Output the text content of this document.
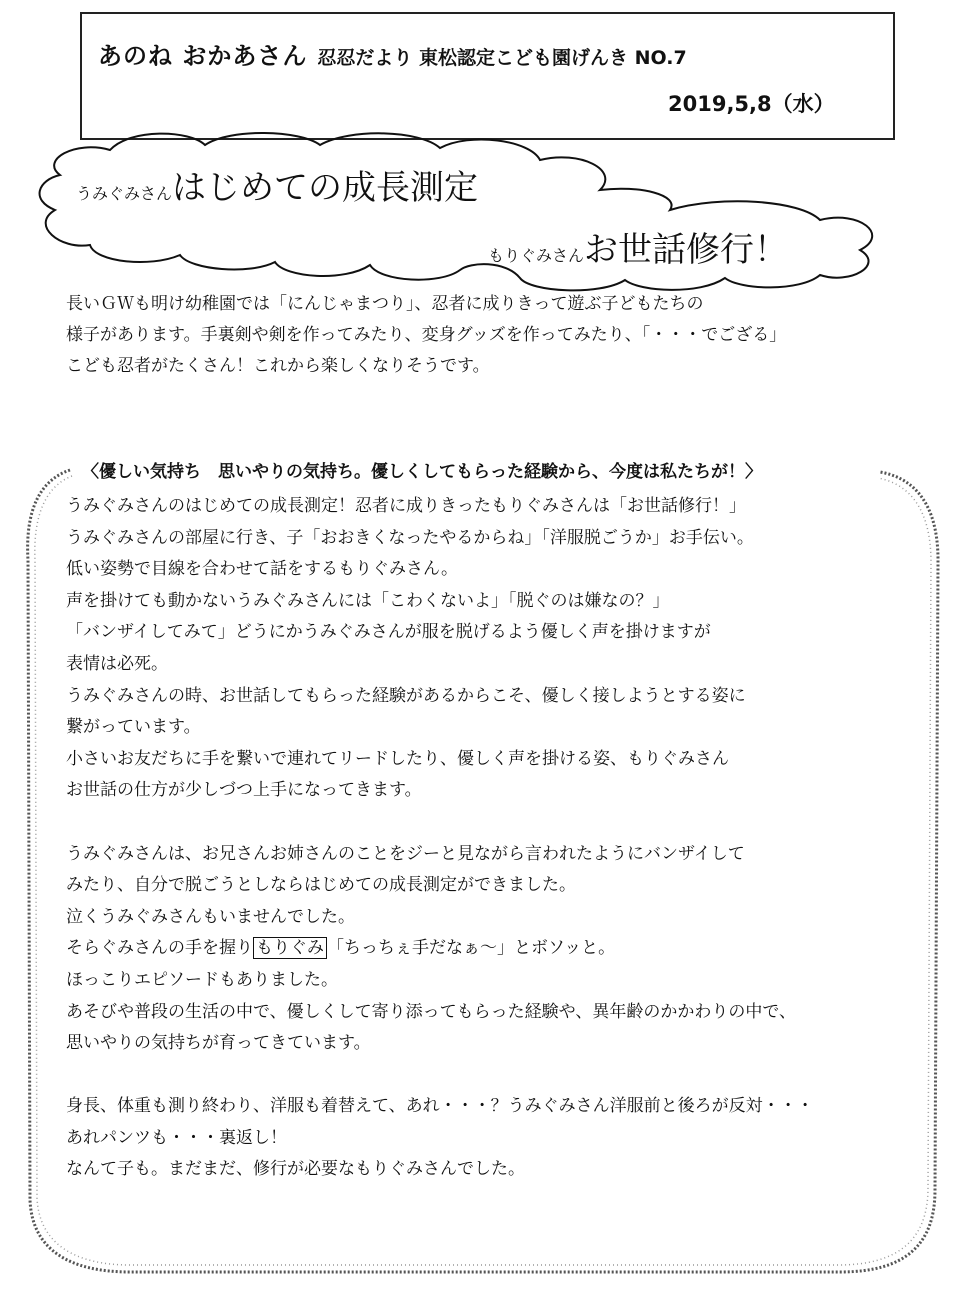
あのね おかあさん 忍忍だより 東松認定こども園げんき NO.7
2019,5,8（水）
うみぐみさんはじめての成長測定
もりぐみさんお世話修行！

長いＧＷも明け幼稚園では「にんじゃまつり」、忍者に成りきって遊ぶ子どもたちの

様子があります。手裏剣や剣を作ってみたり、変身グッズを作ってみたり、「・・・でござる」

こども忍者がたくさん！これから楽しくなりそうです。

〈優しい気持ち　思いやりの気持ち。優しくしてもらった経験から、今度は私たちが！〉

うみぐみさんのはじめての成長測定！忍者に成りきったもりぐみさんは「お世話修行！」

うみぐみさんの部屋に行き、子「おおきくなったやるからね」「洋服脱ごうか」お手伝い。

低い姿勢で目線を合わせて話をするもりぐみさん。

声を掛けても動かないうみぐみさんには「こわくないよ」「脱ぐのは嫌なの？」

「バンザイしてみて」どうにかうみぐみさんが服を脱げるよう優しく声を掛けますが

表情は必死。

うみぐみさんの時、お世話してもらった経験があるからこそ、優しく接しようとする姿に

繋がっています。

小さいお友だちに手を繋いで連れてリードしたり、優しく声を掛ける姿、もりぐみさん

お世話の仕方が少しづつ上手になってきます。

うみぐみさんは、お兄さんお姉さんのことをジーと見ながら言われたようにバンザイして

みたり、自分で脱ごうとしならはじめての成長測定ができました。

泣くうみぐみさんもいませんでした。

そらぐみさんの手を握り もりぐみ 「ちっちぇ手だなぁ～」とボソッと。

ほっこりエピソードもありました。

あそびや普段の生活の中で、優しくして寄り添ってもらった経験や、異年齢のかかわりの中で、

思いやりの気持ちが育ってきています。

身長、体重も測り終わり、洋服も着替えて、あれ・・・？うみぐみさん洋服前と後ろが反対・・・

あれパンツも・・・裏返し！

なんて子も。まだまだ、修行が必要なもりぐみさんでした。
